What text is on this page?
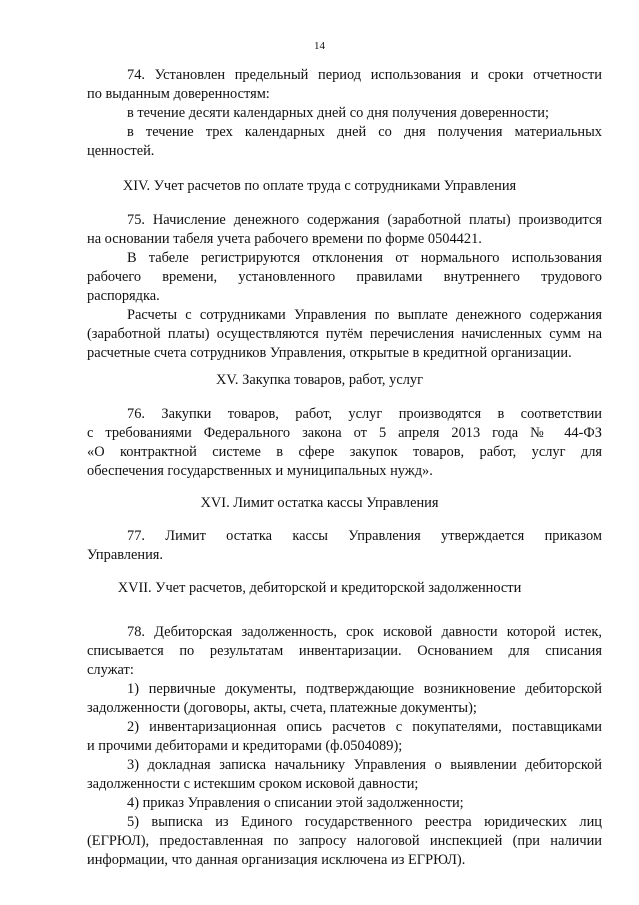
14
74. Установлен предельный период использования и сроки отчетности
по выданным доверенностям:
в течение десяти календарных дней со дня получения доверенности;
в течение трех календарных дней со дня получения материальных
ценностей.
XIV. Учет расчетов по оплате труда с сотрудниками Управления
75. Начисление денежного содержания (заработной платы) производится
на основании табеля учета рабочего времени по форме 0504421.
В табеле регистрируются отклонения от нормального использования
рабочего времени, установленного правилами внутреннего трудового
распорядка.
Расчеты с сотрудниками Управления по выплате денежного содержания
(заработной платы) осуществляются путём перечисления начисленных сумм на
расчетные счета сотрудников Управления, открытые в кредитной организации.
XV. Закупка товаров, работ, услуг
76. Закупки товаров, работ, услуг производятся в соответствии
с требованиями Федерального закона от 5 апреля 2013 года № 44-ФЗ
«О контрактной системе в сфере закупок товаров, работ, услуг для
обеспечения государственных и муниципальных нужд».
XVI. Лимит остатка кассы Управления
77. Лимит остатка кассы Управления утверждается приказом
Управления.
XVII. Учет расчетов, дебиторской и кредиторской задолженности
78. Дебиторская задолженность, срок исковой давности которой истек,
списывается по результатам инвентаризации. Основанием для списания
служат:
1) первичные документы, подтверждающие возникновение дебиторской
задолженности (договоры, акты, счета, платежные документы);
2) инвентаризационная опись расчетов с покупателями, поставщиками
и прочими дебиторами и кредиторами (ф.0504089);
3) докладная записка начальнику Управления о выявлении дебиторской
задолженности с истекшим сроком исковой давности;
4) приказ Управления о списании этой задолженности;
5) выписка из Единого государственного реестра юридических лиц
(ЕГРЮЛ), предоставленная по запросу налоговой инспекцией (при наличии
информации, что данная организация исключена из ЕГРЮЛ).
